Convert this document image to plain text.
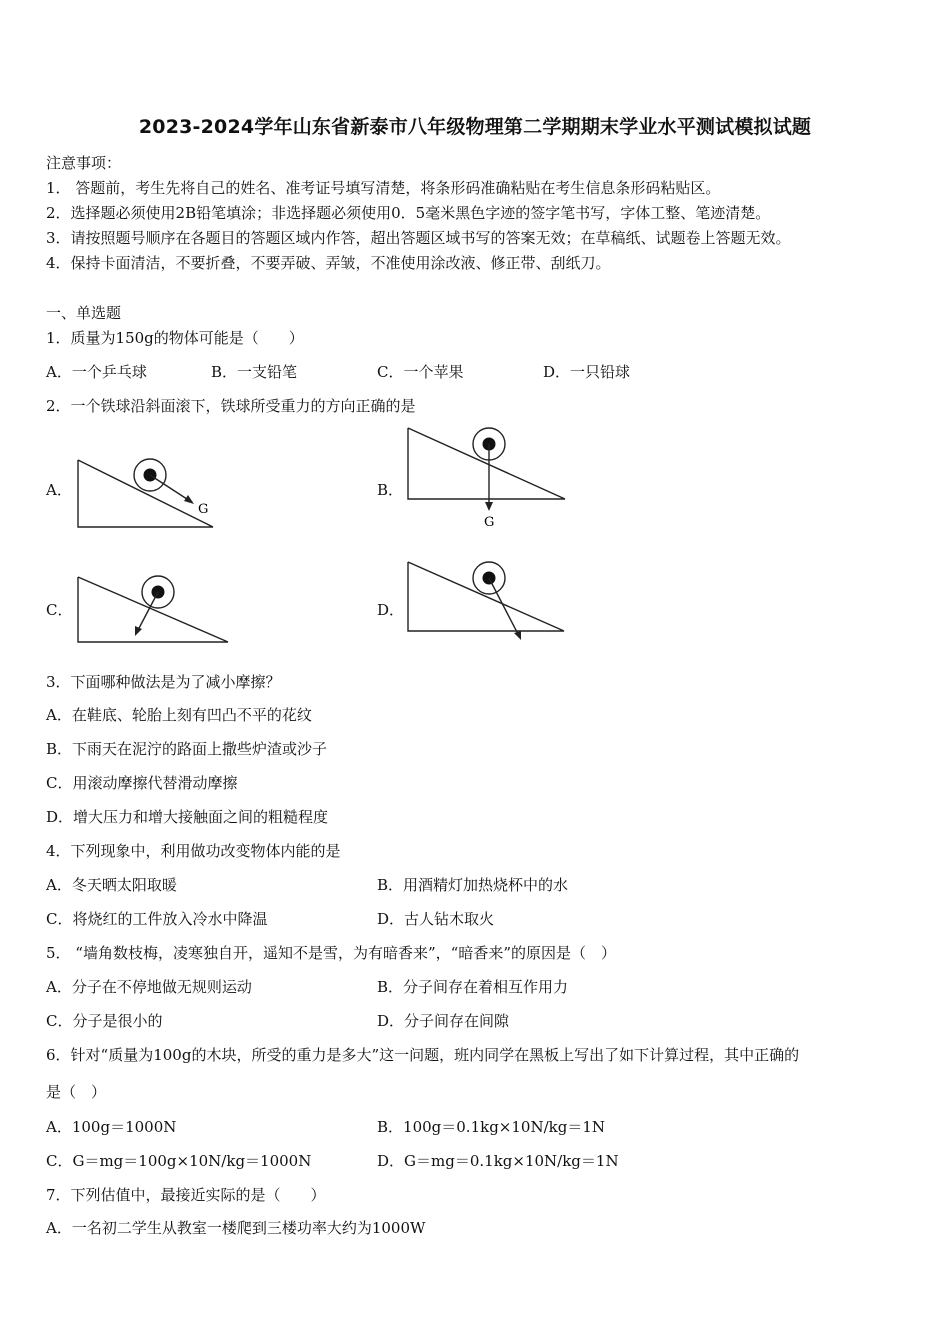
2023-2024学年山东省新泰市八年级物理第二学期期末学业水平测试模拟试题
注意事项：
1． 答题前，考生先将自己的姓名、准考证号填写清楚，将条形码准确粘贴在考生信息条形码粘贴区。
2．选择题必须使用2B铅笔填涂；非选择题必须使用0．5毫米黑色字迹的签字笔书写，字体工整、笔迹清楚。
3．请按照题号顺序在各题目的答题区域内作答，超出答题区域书写的答案无效；在草稿纸、试题卷上答题无效。
4．保持卡面清洁，不要折叠，不要弄破、弄皱，不准使用涂改液、修正带、刮纸刀。
一、单选题
1．质量为150g的物体可能是（　　）
A．一个乒乓球	B．一支铅笔	C．一个苹果	D．一只铅球
2．一个铁球沿斜面滚下，铁球所受重力的方向正确的是
A．
G
B．
G
C．	D．
3．下面哪种做法是为了减小摩擦？
A．在鞋底、轮胎上刻有凹凸不平的花纹
B．下雨天在泥泞的路面上撒些炉渣或沙子
C．用滚动摩擦代替滑动摩擦
D．增大压力和增大接触面之间的粗糙程度
4．下列现象中，利用做功改变物体内能的是
A．冬天晒太阳取暖	B．用酒精灯加热烧杯中的水
C．将烧红的工件放入冷水中降温	D．古人钻木取火
5． “墙角数枝梅，凌寒独自开，遥知不是雪，为有暗香来”，“暗香来”的原因是（　）
A．分子在不停地做无规则运动	B．分子间存在着相互作用力
C．分子是很小的	D．分子间存在间隙
6．针对“质量为100g的木块，所受的重力是多大”这一问题，班内同学在黑板上写出了如下计算过程，其中正确的
是（　）
A．100g＝1000N	B．100g＝0.1kg×10N/kg＝1N
C．G＝mg＝100g×10N/kg＝1000N	D．G＝mg＝0.1kg×10N/kg＝1N
7．下列估值中，最接近实际的是（　　）
A．一名初二学生从教室一楼爬到三楼功率大约为1000W
